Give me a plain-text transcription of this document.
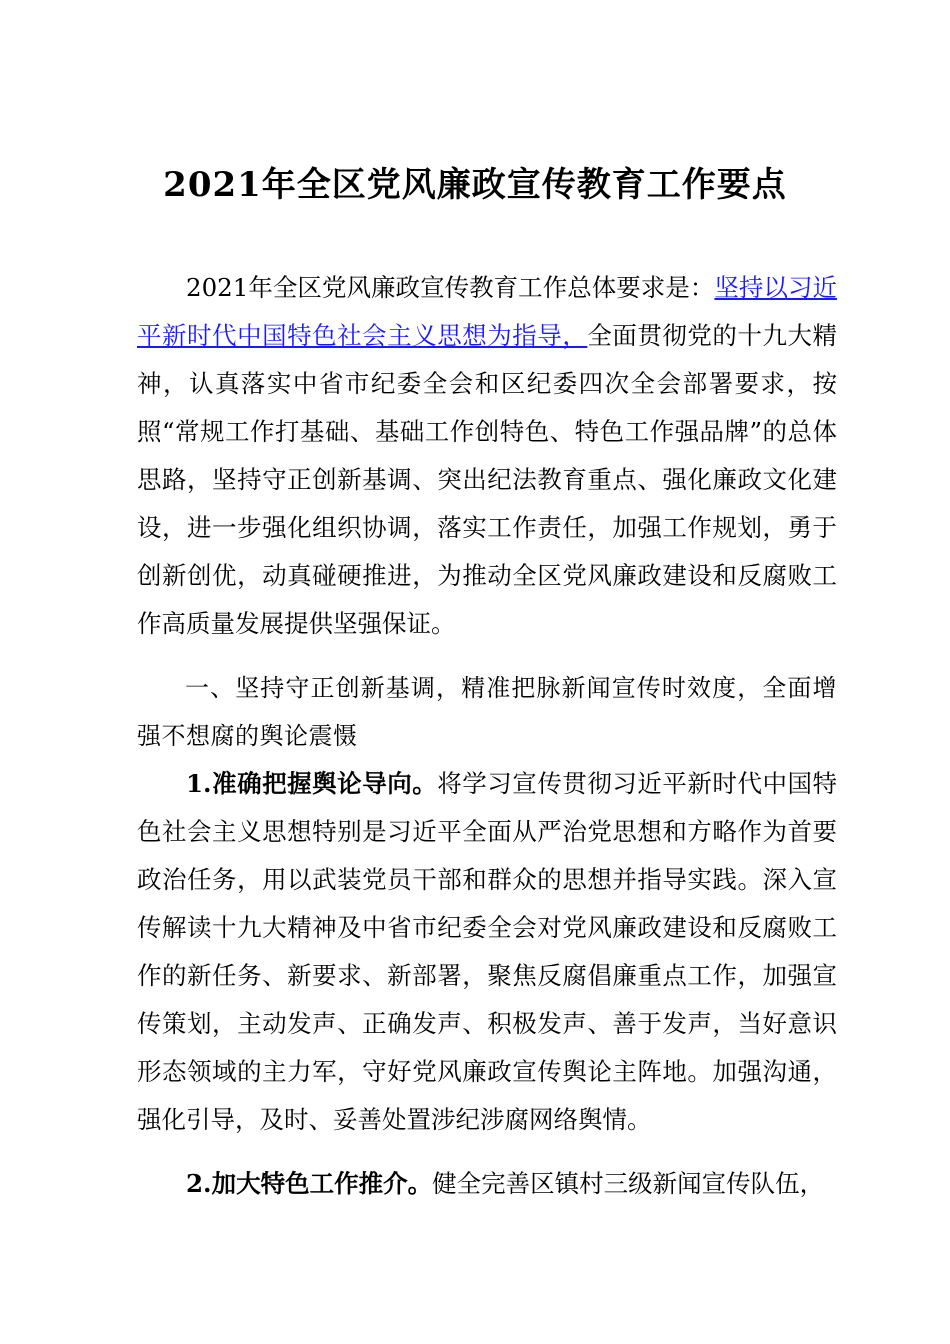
2021年全区党风廉政宣传教育工作要点

2021年全区党风廉政宣传教育工作总体要求是：坚持以习近平新时代中国特色社会主义思想为指导，全面贯彻党的十九大精神，认真落实中省市纪委全会和区纪委四次全会部署要求，按照“常规工作打基础、基础工作创特色、特色工作强品牌”的总体思路，坚持守正创新基调、突出纪法教育重点、强化廉政文化建设，进一步强化组织协调，落实工作责任，加强工作规划，勇于创新创优，动真碰硬推进，为推动全区党风廉政建设和反腐败工作高质量发展提供坚强保证。

一、坚持守正创新基调，精准把脉新闻宣传时效度，全面增强不想腐的舆论震慑

1.准确把握舆论导向。将学习宣传贯彻习近平新时代中国特色社会主义思想特别是习近平全面从严治党思想和方略作为首要政治任务，用以武装党员干部和群众的思想并指导实践。深入宣传解读十九大精神及中省市纪委全会对党风廉政建设和反腐败工作的新任务、新要求、新部署，聚焦反腐倡廉重点工作，加强宣传策划，主动发声、正确发声、积极发声、善于发声，当好意识形态领域的主力军，守好党风廉政宣传舆论主阵地。加强沟通，强化引导，及时、妥善处置涉纪涉腐网络舆情。

2.加大特色工作推介。健全完善区镇村三级新闻宣传队伍，
